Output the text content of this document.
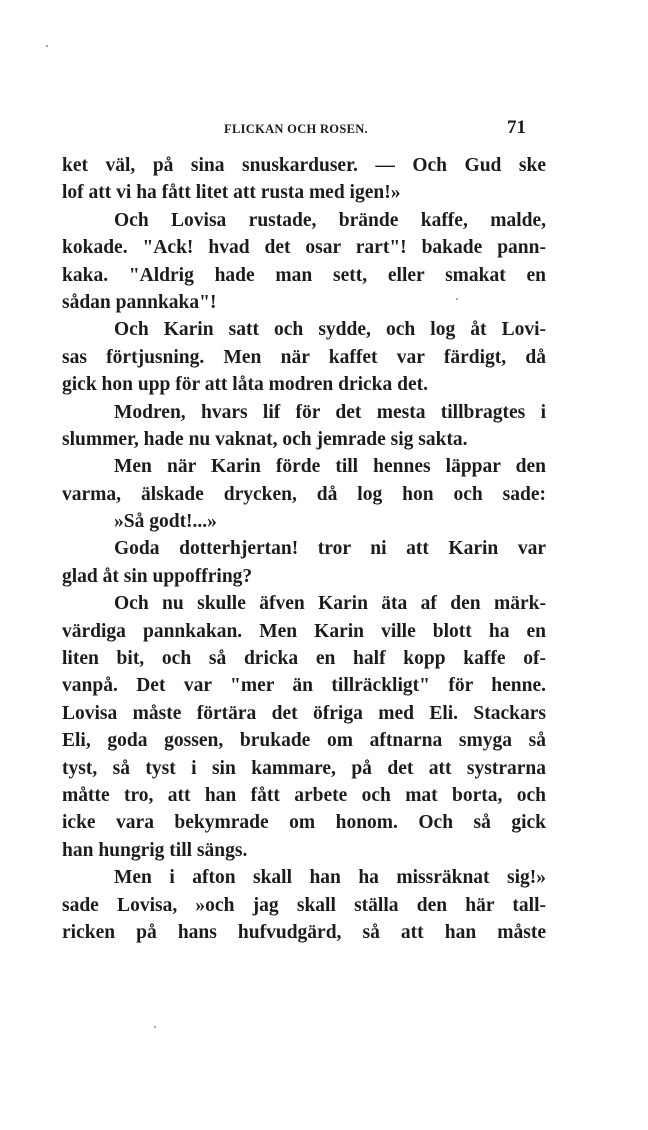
FLICKAN OCH ROSEN.	71
ket väl, på sina snuskarduser. — Och Gud ske
lof att vi ha fått litet att rusta med igen!»
Och Lovisa rustade, brände kaffe, malde,
kokade. "Ack! hvad det osar rart"! bakade pann-
kaka. "Aldrig hade man sett, eller smakat en
sådan pannkaka"!
Och Karin satt och sydde, och log åt Lovi-
sas förtjusning. Men när kaffet var färdigt, då
gick hon upp för att låta modren dricka det.
Modren, hvars lif för det mesta tillbragtes i
slummer, hade nu vaknat, och jemrade sig sakta.
Men när Karin förde till hennes läppar den
varma, älskade drycken, då log hon och sade:
»Så godt!...»
Goda dotterhjertan! tror ni att Karin var
glad åt sin uppoffring?
Och nu skulle äfven Karin äta af den märk-
värdiga pannkakan. Men Karin ville blott ha en
liten bit, och så dricka en half kopp kaffe of-
vanpå. Det var "mer än tillräckligt" för henne.
Lovisa måste förtära det öfriga med Eli. Stackars
Eli, goda gossen, brukade om aftnarna smyga så
tyst, så tyst i sin kammare, på det att systrarna
måtte tro, att han fått arbete och mat borta, och
icke vara bekymrade om honom. Och så gick
han hungrig till sängs.
Men i afton skall han ha missräknat sig!»
sade Lovisa, »och jag skall ställa den här tall-
ricken på hans hufvudgärd, så att han måste
